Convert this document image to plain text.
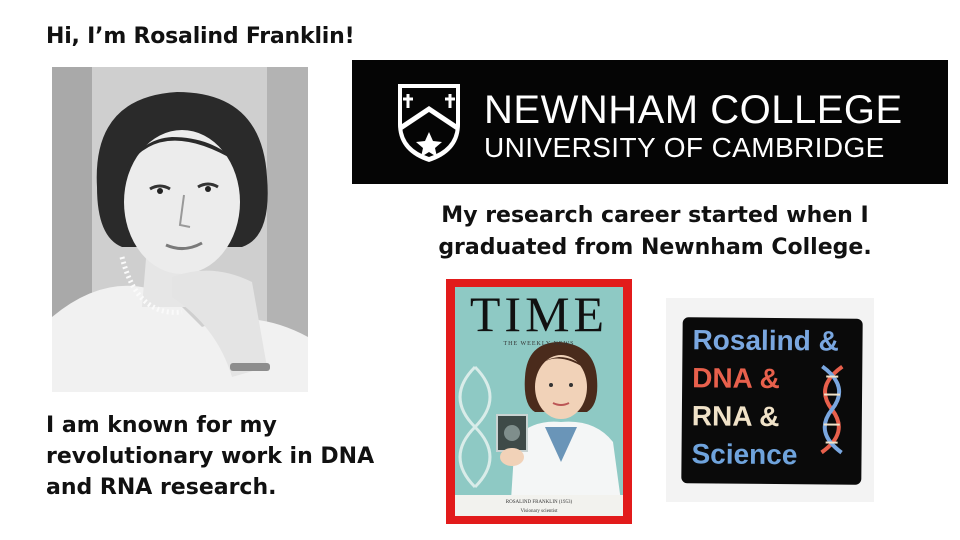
Hi, I’m Rosalind Franklin!
NEWNHAM COLLEGE
UNIVERSITY OF CAMBRIDGE
My research career started when I graduated from Newnham College.
I am known for my revolutionary work in DNA and RNA research.
TIME
THE WEEKLY NEWS
ROSALIND FRANKLIN (1953)
Visionary scientist
Rosalind &
DNA &
RNA &
Science
